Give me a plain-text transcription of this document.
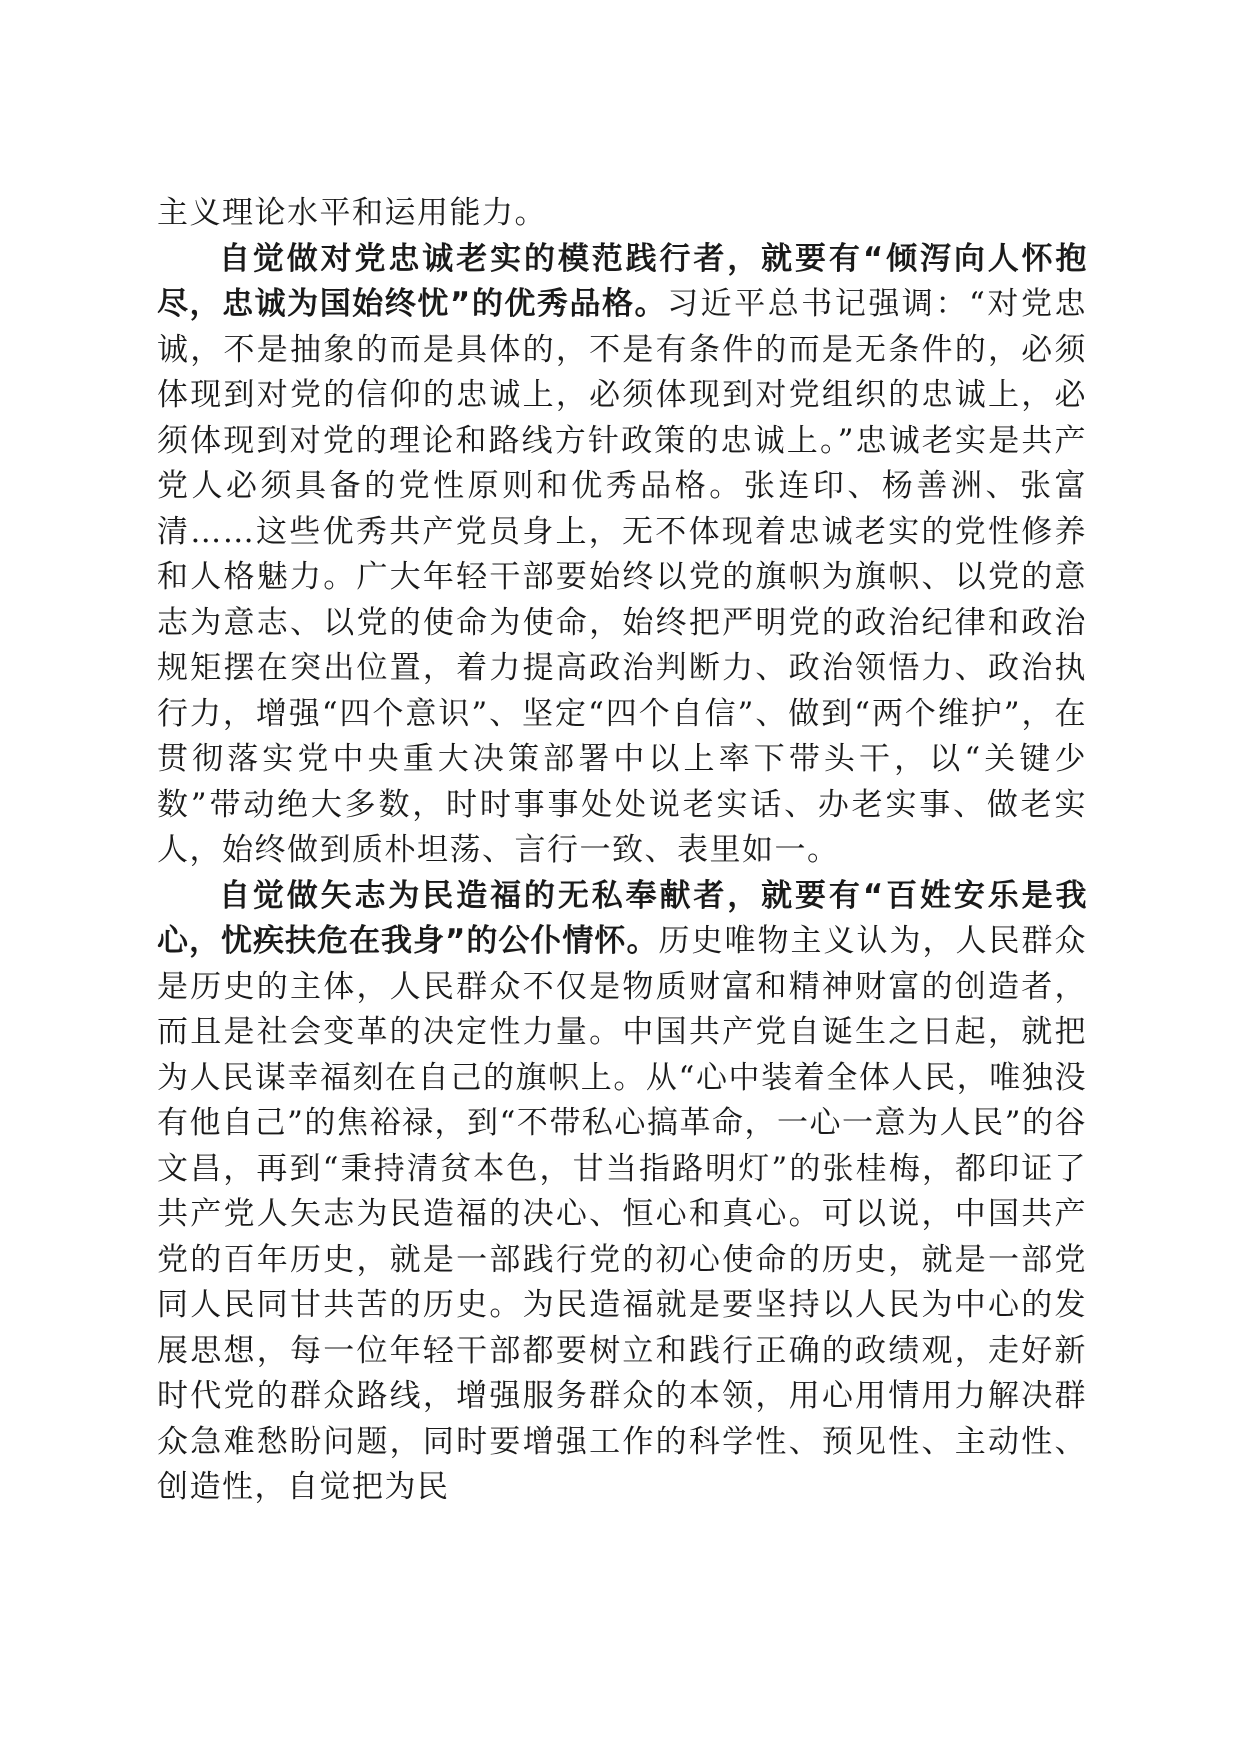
主义理论水平和运用能力。

自觉做对党忠诚老实的模范践行者，就要有“倾泻向人怀抱尽，忠诚为国始终忧”的优秀品格。习近平总书记强调：“对党忠诚，不是抽象的而是具体的，不是有条件的而是无条件的，必须体现到对党的信仰的忠诚上，必须体现到对党组织的忠诚上，必须体现到对党的理论和路线方针政策的忠诚上。”忠诚老实是共产党人必须具备的党性原则和优秀品格。张连印、杨善洲、张富清……这些优秀共产党员身上，无不体现着忠诚老实的党性修养和人格魅力。广大年轻干部要始终以党的旗帜为旗帜、以党的意志为意志、以党的使命为使命，始终把严明党的政治纪律和政治规矩摆在突出位置，着力提高政治判断力、政治领悟力、政治执行力，增强“四个意识”、坚定“四个自信”、做到“两个维护”，在贯彻落实党中央重大决策部署中以上率下带头干，以“关键少数”带动绝大多数，时时事事处处说老实话、办老实事、做老实人，始终做到质朴坦荡、言行一致、表里如一。

自觉做矢志为民造福的无私奉献者，就要有“百姓安乐是我心，忧疾扶危在我身”的公仆情怀。历史唯物主义认为，人民群众是历史的主体，人民群众不仅是物质财富和精神财富的创造者，而且是社会变革的决定性力量。中国共产党自诞生之日起，就把为人民谋幸福刻在自己的旗帜上。从“心中装着全体人民，唯独没有他自己”的焦裕禄，到“不带私心搞革命，一心一意为人民”的谷文昌，再到“秉持清贫本色，甘当指路明灯”的张桂梅，都印证了共产党人矢志为民造福的决心、恒心和真心。可以说，中国共产党的百年历史，就是一部践行党的初心使命的历史，就是一部党同人民同甘共苦的历史。为民造福就是要坚持以人民为中心的发展思想，每一位年轻干部都要树立和践行正确的政绩观，走好新时代党的群众路线，增强服务群众的本领，用心用情用力解决群众急难愁盼问题，同时要增强工作的科学性、预见性、主动性、创造性，自觉把为民
